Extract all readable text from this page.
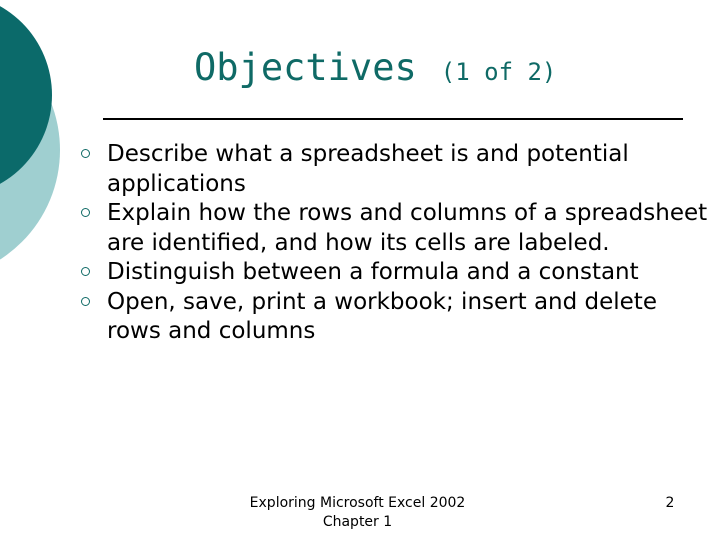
Objectives (1 of 2)
Describe what a spreadsheet is and potential applications
Explain how the rows and columns of a spreadsheet are identified, and how its cells are labeled.
Distinguish between a formula and a constant
Open, save, print a workbook; insert and delete rows and columns
Exploring Microsoft Excel 2002
Chapter 1
2
